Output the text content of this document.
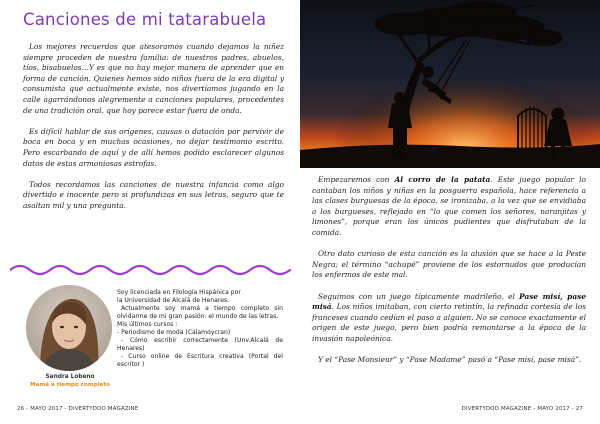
Canciones de mi tatarabuela

Los mejores recuerdos que atesoramos cuando dejamos la niñez siempre proceden de nuestra familia: de nuestros padres, abuelos, tíos, bisabuelos…Y es que no hay mejor manera de aprender que en forma de canción. Quienes hemos sido niños fuera de la era digital y consumista que actualmente existe, nos divertíamos jugando en la calle agarrándonos alegremente a canciones populares, procedentes de una tradición oral, que hoy parece estar fuera de onda.

Es difícil hablar de sus orígenes, causas o datación por pervivir de boca en boca y en muchas ocasiones, no dejar testimonio escrito. Pero escarbando de aquí y de allí hemos podido esclarecer algunos datos de estas armoniosas estrofas.

Todos recordamos las canciones de nuestra infancia como algo divertido e inocente pero si profundizas en sus letras, seguro que te asaltan mil y una pregunta.

Sandra Lobeno
Mamá a tiempo completo
Soy licenciada en Filología Hispánica por
la Universidad de Alcalá de Henares.
Actualmente soy mamá a tiempo completo sin olvidarme de mi gran pasión: el mundo de las letras.
Mis últimos cursos :
- Periodismo de moda (Calamoycran)
- Cómo escribir correctamente (Unv.Alcalá de Henares)
- Curso online de Escritura creativa (Portal del escritor )
26 - MAYO 2017 - DIVERTYDOO MAGAZINE

Empezaremos con Al corro de la patata. Este juego popular lo cantaban los niños y niñas en la posguerra española, hace referencia a las clases burguesas de la época, se ironizaba, a la vez que se envidiaba a los burgueses, reflejado en “lo que comen los señores, naranjitas y limones”, porque eran los únicos pudientes que disfrutaban de la comida.

Otro dato curioso de esta canción es la alusión que se hace a la Peste Negra; el término “achupé” proviene de los estornudos que producían los enfermos de este mal.

Seguimos con un juego típicamente madrileño, el Pase misí, pase misá. Los niños imitaban, con cierto retintín, la refinada cortesía de los franceses cuando cedían el paso a alguien. No se conoce exactamente el origen de este juego, pero bien podría remontarse a la época de la invasión napoleónica.

Y el “Pase Monsieur” y “Pase Madame” pasó a “Pase misí, pase misá”.

DIVERTYDOO MAGAZINE - MAYO 2017 - 27
